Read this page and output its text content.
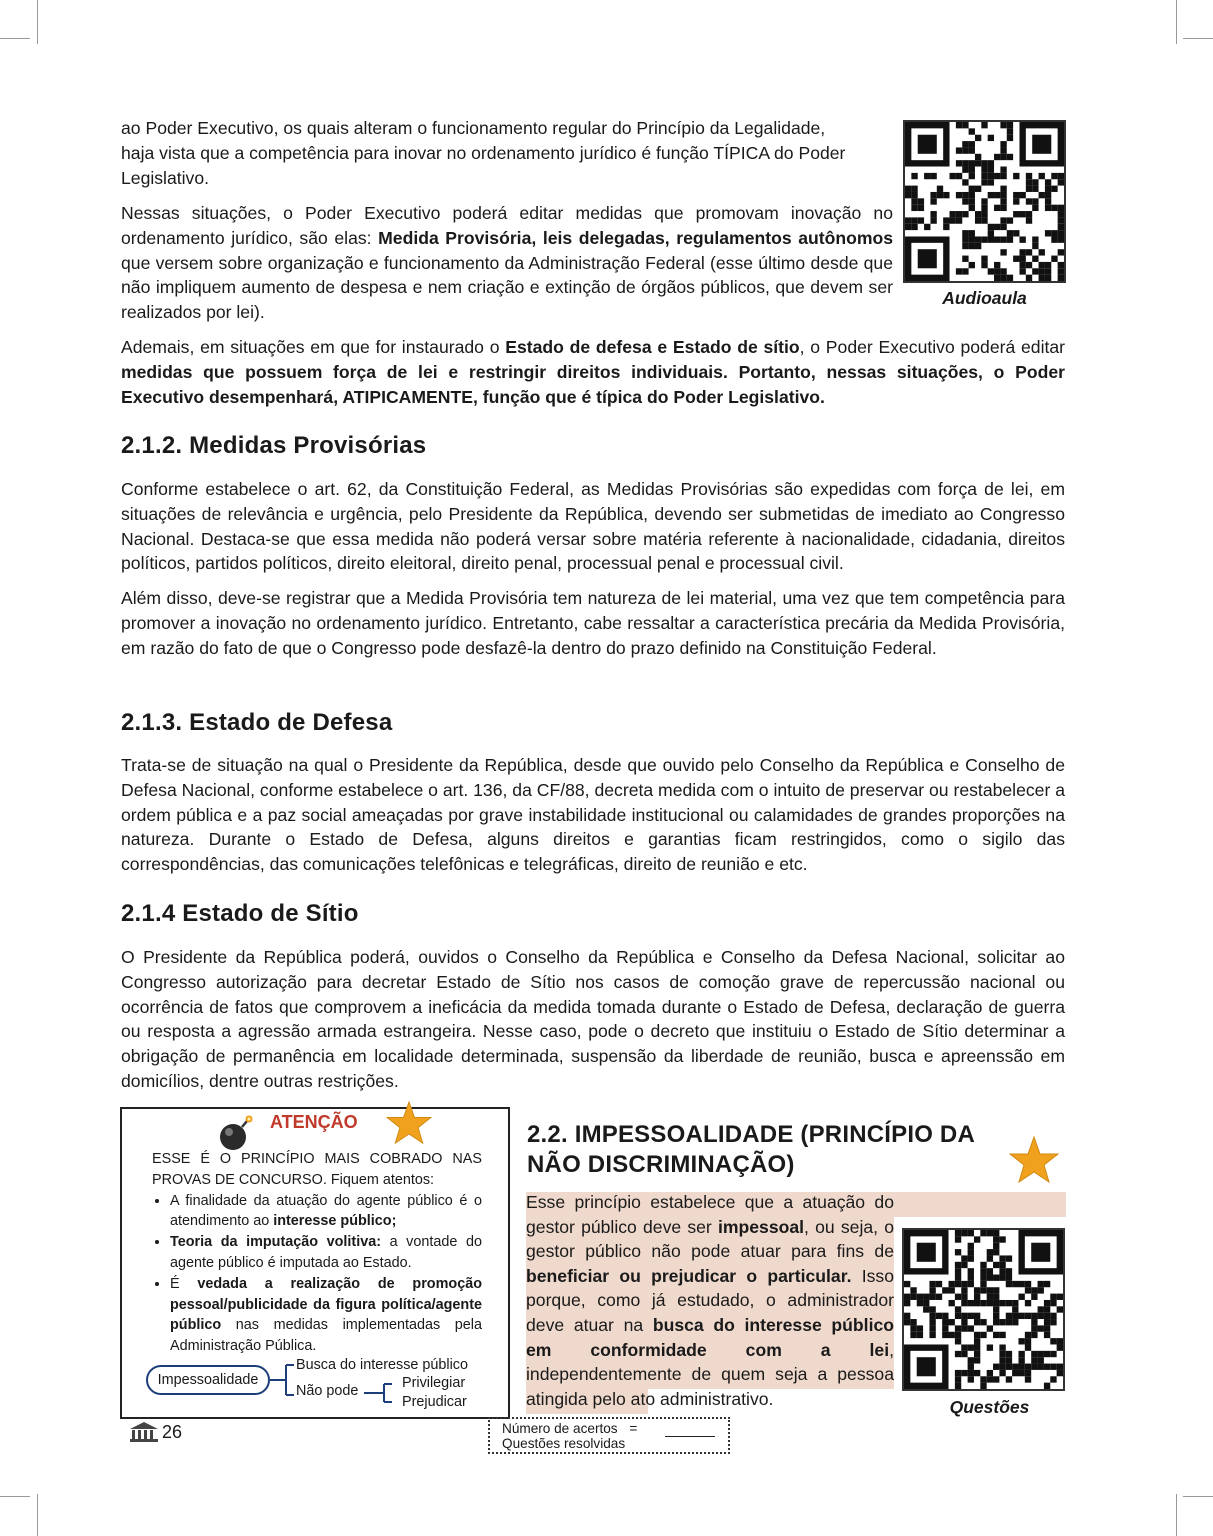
ao Poder Executivo, os quais alteram o funcionamento regular do Princípio da Legalidade,
haja vista que a competência para inovar no ordenamento jurídico é função TÍPICA do Poder
Legislativo.

Nessas situações, o Poder Executivo poderá editar medidas que promovam inovação no ordenamento jurídico, são elas: Medida Provisória, leis delegadas, regulamentos autônomos que versem sobre organização e funcionamento da Administração Federal (esse último desde que não impliquem aumento de despesa e nem criação e extinção de órgãos públicos, que devem ser realizados por lei).

Audioaula

Ademais, em situações em que for instaurado o Estado de defesa e Estado de sítio, o Poder Executivo poderá editar medidas que possuem força de lei e restringir direitos individuais. Portanto, nessas situações, o Poder Executivo desempenhará, ATIPICAMENTE, função que é típica do Poder Legislativo.

2.1.2. Medidas Provisórias

Conforme estabelece o art. 62, da Constituição Federal, as Medidas Provisórias são expedidas com força de lei, em situações de relevância e urgência, pelo Presidente da República, devendo ser submetidas de imediato ao Congresso Nacional. Destaca-se que essa medida não poderá versar sobre matéria referente à nacionalidade, cidadania, direitos políticos, partidos políticos, direito eleitoral, direito penal, processual penal e processual civil.

Além disso, deve-se registrar que a Medida Provisória tem natureza de lei material, uma vez que tem competência para promover a inovação no ordenamento jurídico. Entretanto, cabe ressaltar a característica precária da Medida Provisória, em razão do fato de que o Congresso pode desfazê-la dentro do prazo definido na Constituição Federal.

2.1.3. Estado de Defesa

Trata-se de situação na qual o Presidente da República, desde que ouvido pelo Conselho da República e Conselho de Defesa Nacional, conforme estabelece o art. 136, da CF/88, decreta medida com o intuito de preservar ou restabelecer a ordem pública e a paz social ameaçadas por grave instabilidade institucional ou calamidades de grandes proporções na natureza. Durante o Estado de Defesa, alguns direitos e garantias ficam restringidos, como o sigilo das correspondências, das comunicações telefônicas e telegráficas, direito de reunião e etc.

2.1.4 Estado de Sítio

O Presidente da República poderá, ouvidos o Conselho da República e Conselho da Defesa Nacional, solicitar ao Congresso autorização para decretar Estado de Sítio nos casos de comoção grave de repercussão nacional ou ocorrência de fatos que comprovem a ineficácia da medida tomada durante o Estado de Defesa, declaração de guerra ou resposta a agressão armada estrangeira. Nesse caso, pode o decreto que instituiu o Estado de Sítio determinar a obrigação de permanência em localidade determinada, suspensão da liberdade de reunião, busca e apreenssão em domicílios, dentre outras restrições.

ATENÇÃO

ESSE É O PRINCÍPIO MAIS COBRADO NAS PROVAS DE CONCURSO. Fiquem atentos:

• A finalidade da atuação do agente público é o atendimento ao interesse público;
• Teoria da imputação volitiva: a vontade do agente público é imputada ao Estado.
• É vedada a realização de promoção pessoal/publicidade da figura política/agente público nas medidas implementadas pela Administração Pública.
Impessoalidade
Busca do interesse público
Não pode	Privilegiar
Prejudicar
2.2. IMPESSOALIDADE (PRINCÍPIO DA
NÃO DISCRIMINAÇÃO)
Esse princípio estabelece que a atuação do gestor público deve ser impessoal, ou seja, o gestor público não pode atuar para fins de beneficiar ou prejudicar o particular. Isso porque, como já estudado, o administrador deve atuar na busca do interesse público em conformidade com a lei, independentemente de quem seja a pessoa atingida pelo ato administrativo.	Questões
26	Número de acertos =
Questões resolvidas
